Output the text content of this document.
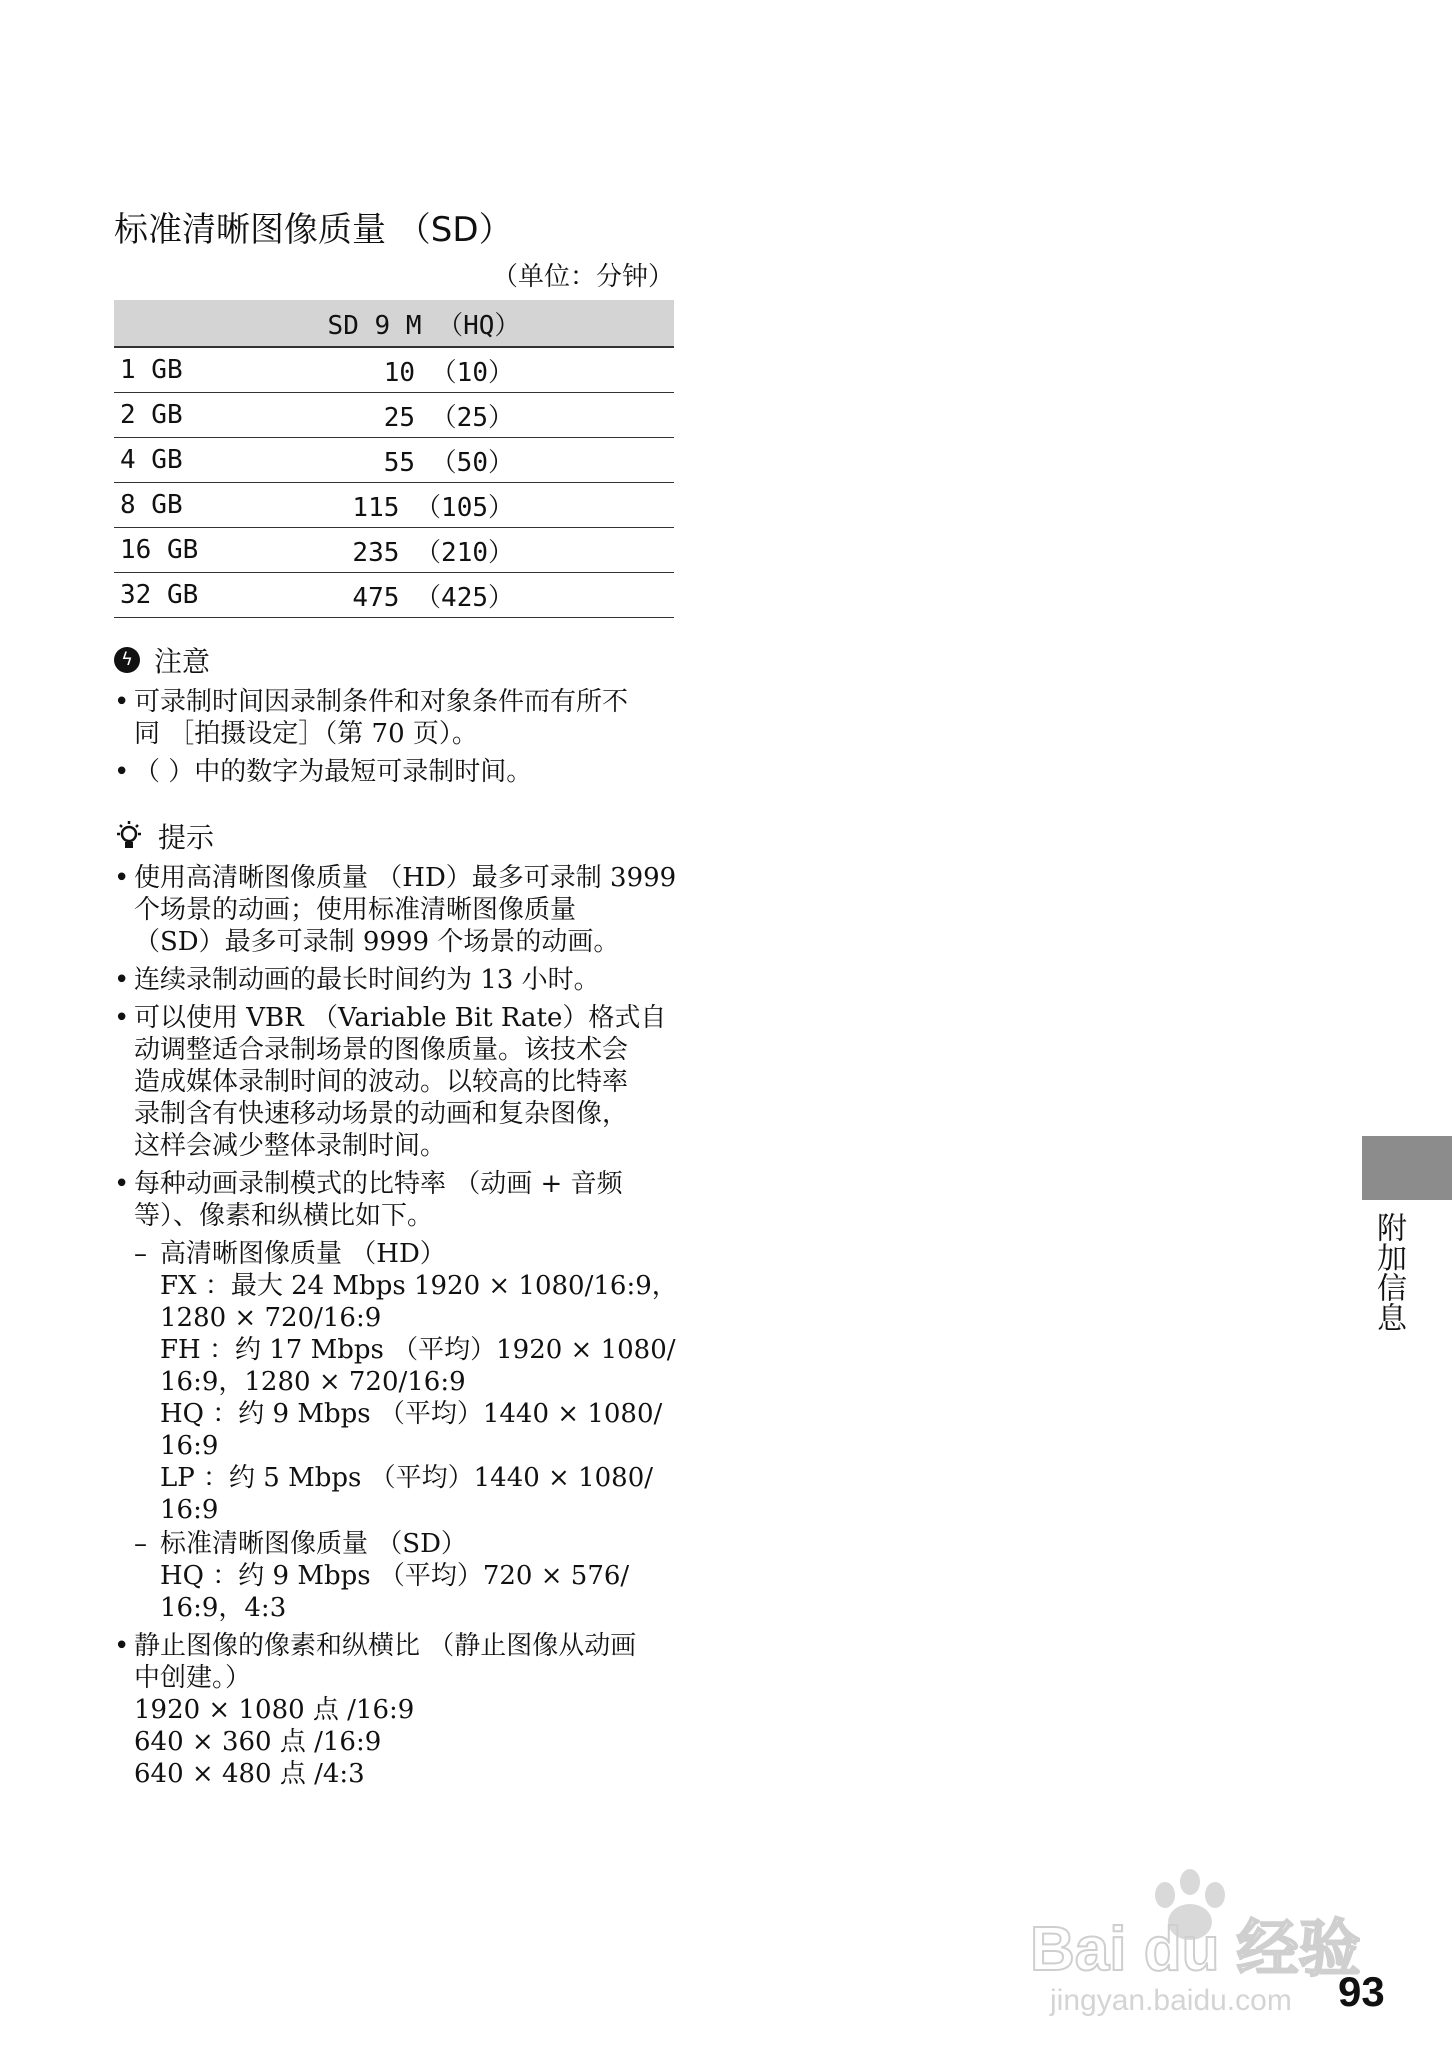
标准清晰图像质量 （SD）
（单位：分钟）
SD 9 M （HQ）	
1 GB	10 （10）
2 GB	25 （25）
4 GB	55 （50）
8 GB	115 （105）
16 GB	235 （210）
32 GB	475 （425）
ϟ 注意
• 可录制时间因录制条件和对象条件而有所不
同 ［拍摄设定］（第 70 页）。
• （ ）中的数字为最短可录制时间。
提示
• 使用高清晰图像质量 （HD）最多可录制 3999
个场景的动画；使用标准清晰图像质量
（SD）最多可录制 9999 个场景的动画。
• 连续录制动画的最长时间约为 13 小时。
• 可以使用 VBR （Variable Bit Rate）格式自
动调整适合录制场景的图像质量。该技术会
造成媒体录制时间的波动。以较高的比特率
录制含有快速移动场景的动画和复杂图像，
这样会减少整体录制时间。
• 每种动画录制模式的比特率 （动画 + 音频
等）、像素和纵横比如下。
– 高清晰图像质量 （HD）
FX ：最大 24 Mbps 1920 × 1080/16:9，
1280 × 720/16:9
FH ：约 17 Mbps （平均）1920 × 1080/
16:9，1280 × 720/16:9
HQ ：约 9 Mbps （平均）1440 × 1080/
16:9
LP ：约 5 Mbps （平均）1440 × 1080/
16:9
– 标准清晰图像质量 （SD）
HQ ：约 9 Mbps （平均）720 × 576/
16:9，4:3
• 静止图像的像素和纵横比 （静止图像从动画
中创建。）
1920 × 1080 点 /16:9
640 × 360 点 /16:9
640 × 480 点 /4:3
附加信息
93
Bai du 经验
jingyan.baidu.com
